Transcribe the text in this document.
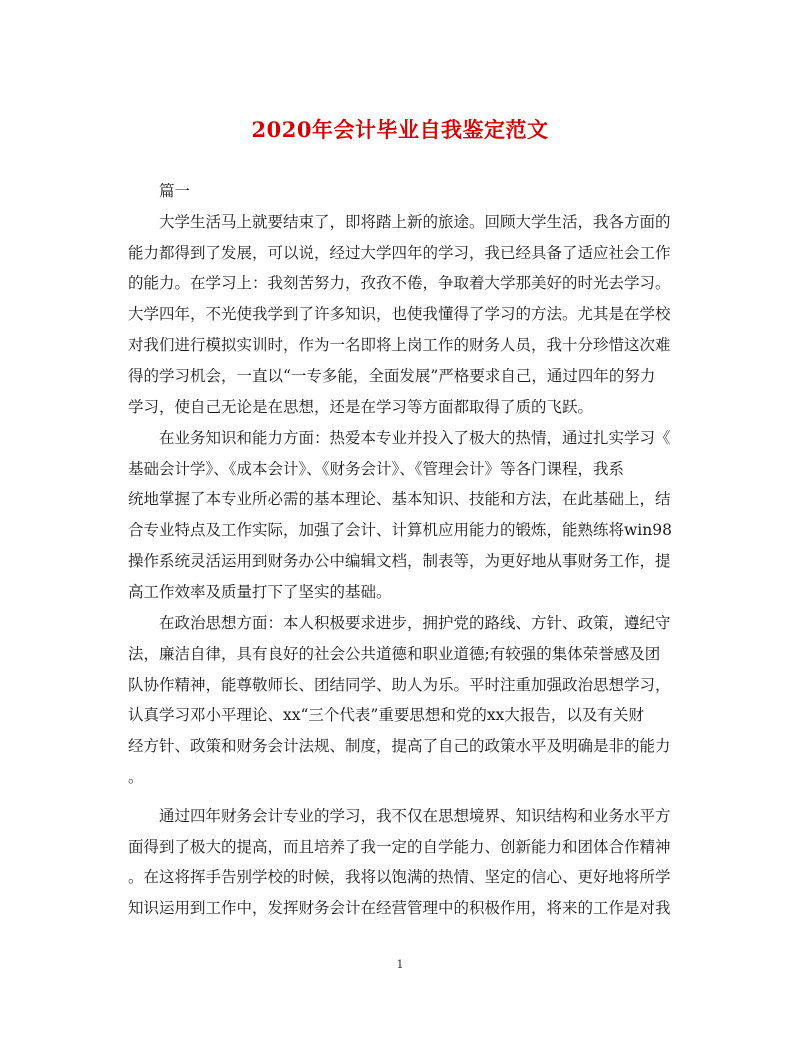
2020年会计毕业自我鉴定范文
篇一
大学生活马上就要结束了，即将踏上新的旅途。回顾大学生活，我各方面的
能力都得到了发展，可以说，经过大学四年的学习，我已经具备了适应社会工作
的能力。在学习上：我刻苦努力，孜孜不倦，争取着大学那美好的时光去学习。
大学四年，不光使我学到了许多知识，也使我懂得了学习的方法。尤其是在学校
对我们进行模拟实训时，作为一名即将上岗工作的财务人员，我十分珍惜这次难
得的学习机会，一直以“一专多能，全面发展”严格要求自己，通过四年的努力
学习，使自己无论是在思想，还是在学习等方面都取得了质的飞跃。
在业务知识和能力方面：热爱本专业并投入了极大的热情，通过扎实学习《
基础会计学》、《成本会计》、《财务会计》、《管理会计》等各门课程，我系
统地掌握了本专业所必需的基本理论、基本知识、技能和方法，在此基础上，结
合专业特点及工作实际，加强了会计、计算机应用能力的锻炼，能熟练将win98
操作系统灵活运用到财务办公中编辑文档，制表等，为更好地从事财务工作，提
高工作效率及质量打下了坚实的基础。
在政治思想方面：本人积极要求进步，拥护党的路线、方针、政策，遵纪守
法，廉洁自律，具有良好的社会公共道德和职业道德;有较强的集体荣誉感及团
队协作精神，能尊敬师长、团结同学、助人为乐。平时注重加强政治思想学习，
认真学习邓小平理论、xx“三个代表”重要思想和党的xx大报告，以及有关财
经方针、政策和财务会计法规、制度，提高了自己的政策水平及明确是非的能力
。
通过四年财务会计专业的学习，我不仅在思想境界、知识结构和业务水平方
面得到了极大的提高，而且培养了我一定的自学能力、创新能力和团体合作精神
。在这将挥手告别学校的时候，我将以饱满的热情、坚定的信心、更好地将所学
知识运用到工作中，发挥财务会计在经营管理中的积极作用，将来的工作是对我
1
